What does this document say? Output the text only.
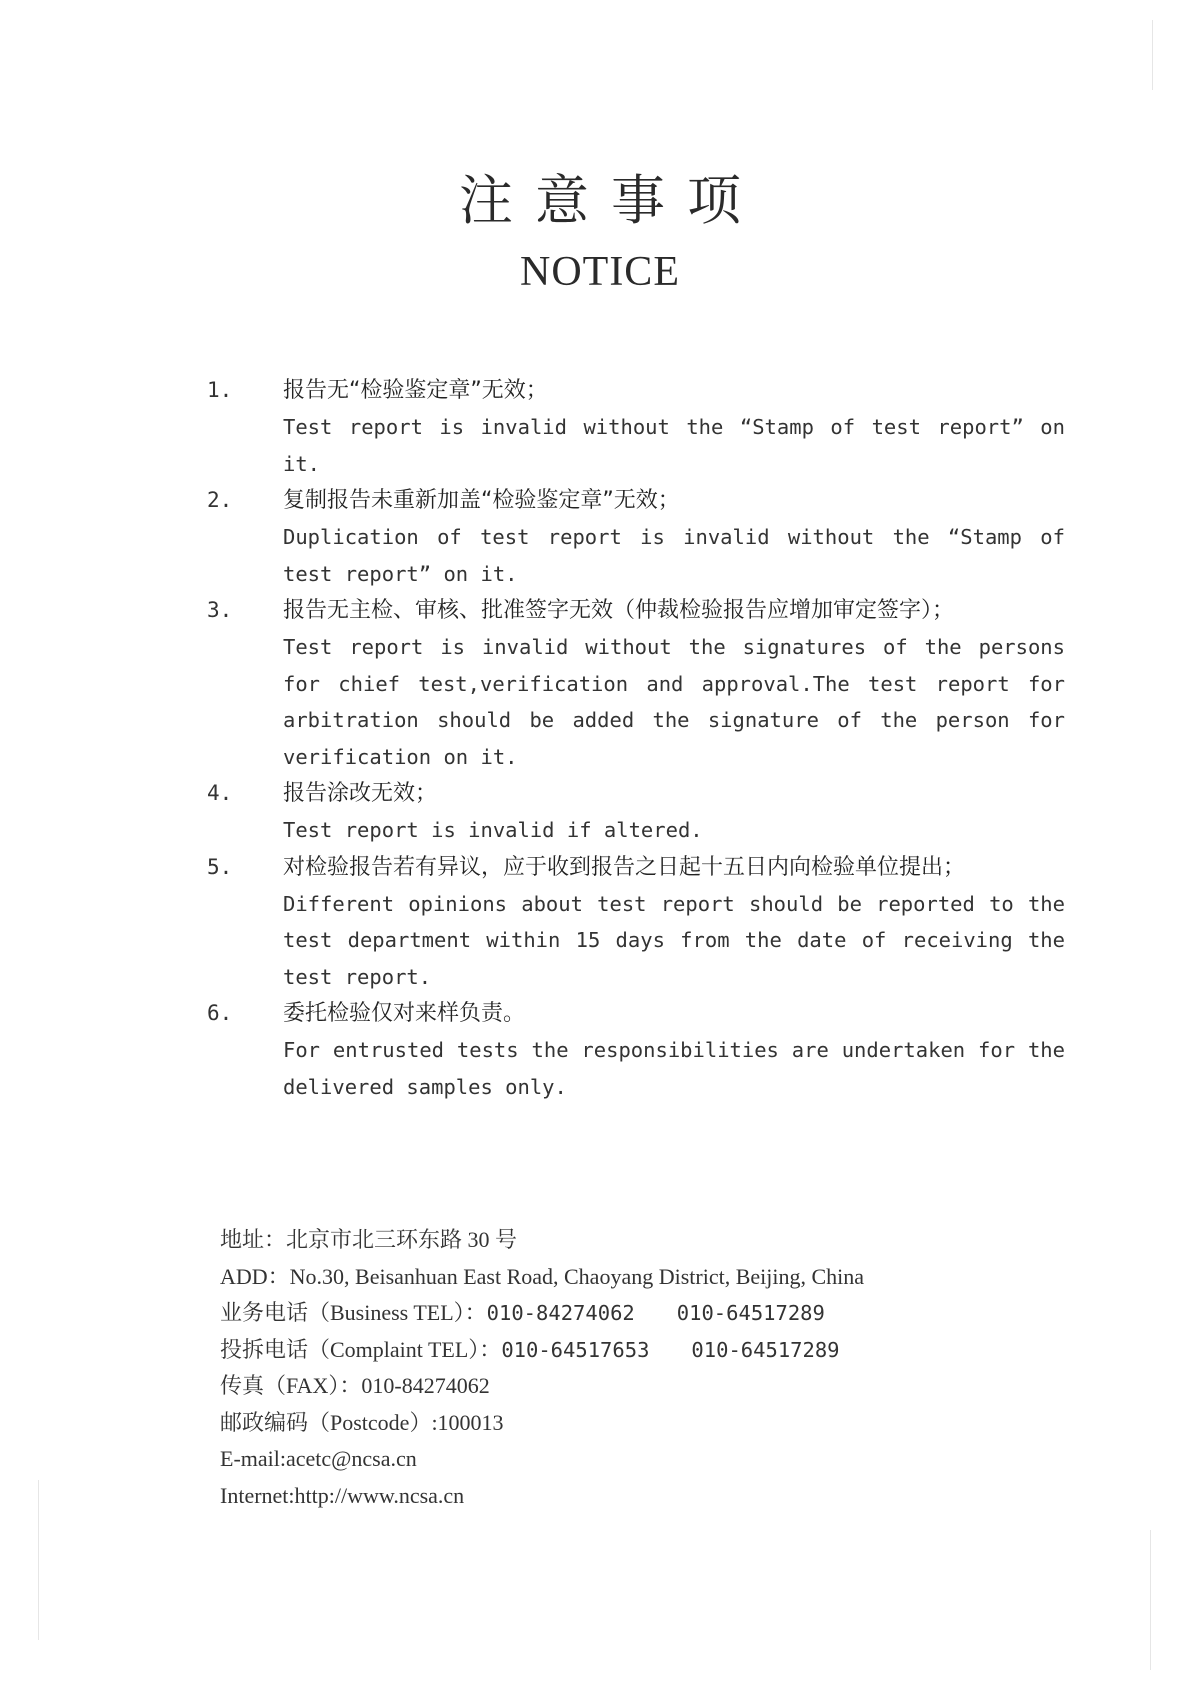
注意事项
NOTICE
1.	报告无“检验鉴定章”无效；
Test report is invalid without the “Stamp of test report” on it.
2.	复制报告未重新加盖“检验鉴定章”无效；
Duplication of test report is invalid without the “Stamp of test report” on it.
3.	报告无主检、审核、批准签字无效（仲裁检验报告应增加审定签字）；
Test report is invalid without the signatures of the persons for chief test,verification and approval.The test report for arbitration should be added the signature of the person for verification on it.
4.	报告涂改无效；
Test report is invalid if altered.
5.	对检验报告若有异议，应于收到报告之日起十五日内向检验单位提出；
Different opinions about test report should be reported to the test department within 15 days from the date of receiving the test report.
6.	委托检验仅对来样负责。
For entrusted tests the responsibilities are undertaken for the delivered samples only.
地址：北京市北三环东路 30 号
ADD：No.30, Beisanhuan East Road, Chaoyang District, Beijing, China
业务电话（Business TEL）：010-84274062 010-64517289
投拆电话（Complaint TEL）：010-64517653 010-64517289
传真（FAX）：010-84274062
邮政编码（Postcode）:100013
E-mail:acetc@ncsa.cn
Internet:http://www.ncsa.cn
